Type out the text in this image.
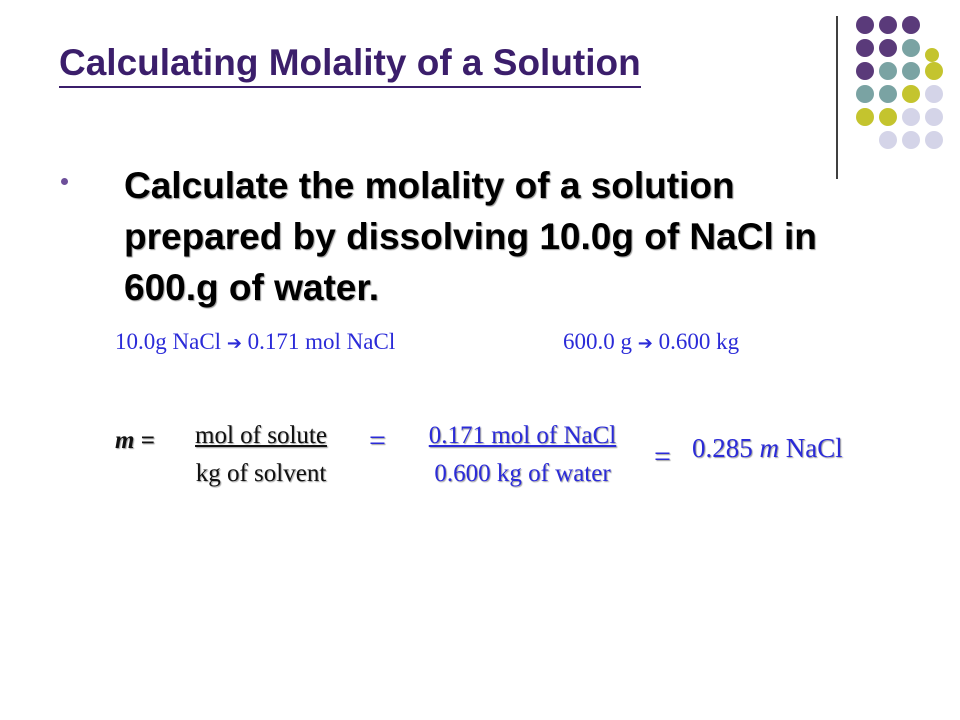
Calculating Molality of a Solution

Calculate the molality of a solution prepared by dissolving 10.0g of NaCl in 600.g of water.

10.0g NaCl ➔ 0.171 mol NaCl	600.0 g ➔ 0.600 kg
m =	mol of solute
kg of solvent
=	0.171 mol of NaCl
0.600 kg of water
= 0.285 m NaCl
